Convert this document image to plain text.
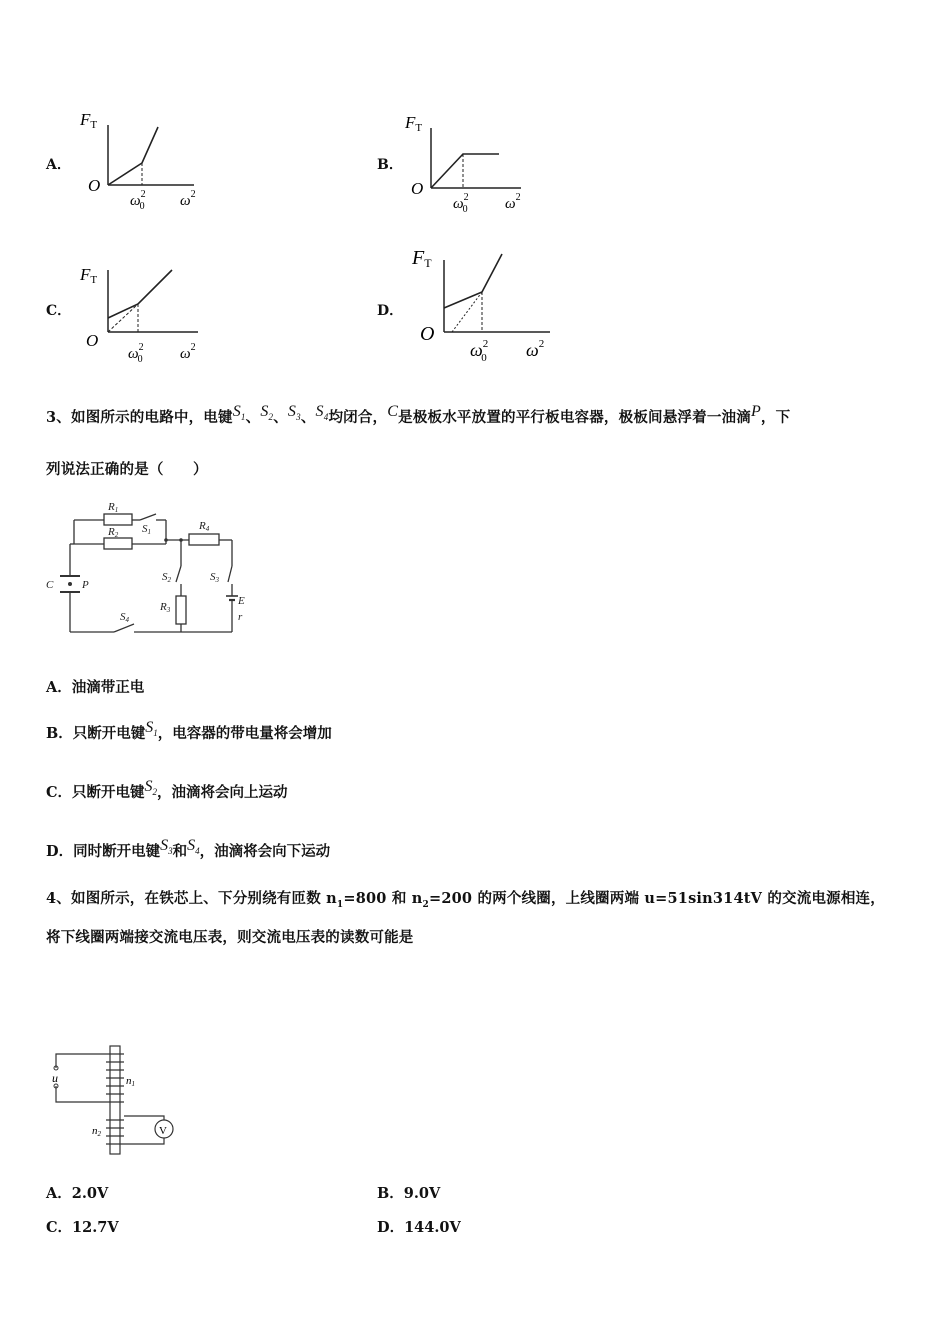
A．	B．
C．	D．
FT
O
$\omega^2$ 0 $\omega^2$
FT
O
$\omega^2$ 0 $\omega^2$
FT
O
$\omega^2$ 0 $\omega^2$
FT
O
$\omega^2$ 0 $\omega^2$
3、如图所示的电路中，电键$S_1$、$S_2$、$S_3$、$S_4$均闭合，C是极板水平放置的平行板电容器，极板间悬浮着一油滴P，下
列说法正确的是（　　）
R1
R2 S1	R4
S2	S3
R3
S4
C	P
E
r
A．油滴带正电
B．只断开电键$S_1$，电容器的带电量将会增加
C．只断开电键$S_2$，油滴将会向上运动
D．同时断开电键$S_3$和$S_4$，油滴将会向下运动
4、如图所示，在铁芯上、下分别绕有匝数 $n_1=800$ 和 $n_2=200$ 的两个线圈，上线圈两端 u=51sin314tV 的交流电源相连，
将下线圈两端接交流电压表，则交流电压表的读数可能是
u	n1
n2	V
A．2.0V	B．9.0V
C．12.7V	D．144.0V
